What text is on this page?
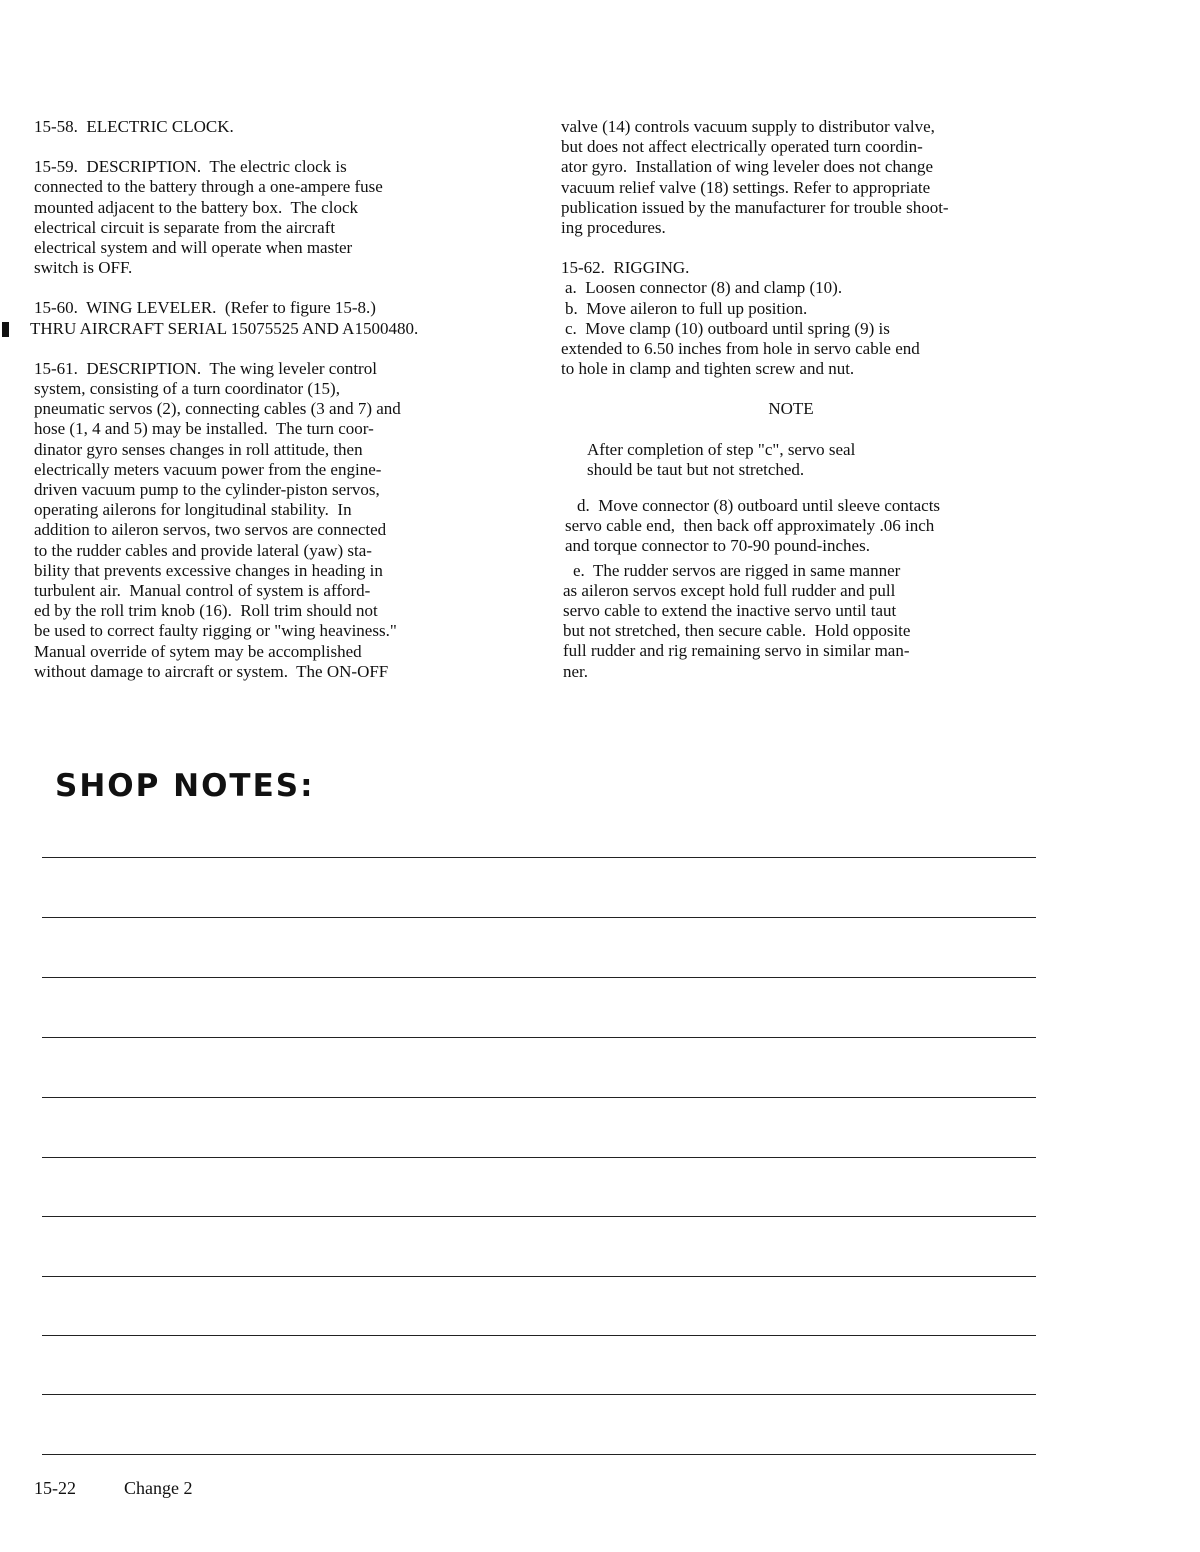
15-58.  ELECTRIC CLOCK.
15-59.  DESCRIPTION.  The electric clock is
connected to the battery through a one-ampere fuse
mounted adjacent to the battery box.  The clock
electrical circuit is separate from the aircraft
electrical system and will operate when master
switch is OFF.
15-60.  WING LEVELER.  (Refer to figure 15-8.)
THRU AIRCRAFT SERIAL 15075525 AND A1500480.
15-61.  DESCRIPTION.  The wing leveler control
system, consisting of a turn coordinator (15),
pneumatic servos (2), connecting cables (3 and 7) and
hose (1, 4 and 5) may be installed.  The turn coor-
dinator gyro senses changes in roll attitude, then
electrically meters vacuum power from the engine-
driven vacuum pump to the cylinder-piston servos,
operating ailerons for longitudinal stability.  In
addition to aileron servos, two servos are connected
to the rudder cables and provide lateral (yaw) sta-
bility that prevents excessive changes in heading in
turbulent air.  Manual control of system is afford-
ed by the roll trim knob (16).  Roll trim should not
be used to correct faulty rigging or "wing heaviness."
Manual override of sytem may be accomplished
without damage to aircraft or system.  The ON-OFF
valve (14) controls vacuum supply to distributor valve,
but does not affect electrically operated turn coordin-
ator gyro.  Installation of wing leveler does not change
vacuum relief valve (18) settings. Refer to appropriate
publication issued by the manufacturer for trouble shoot-
ing procedures.
15-62.  RIGGING.
a.  Loosen connector (8) and clamp (10).
b.  Move aileron to full up position.
c.  Move clamp (10) outboard until spring (9) is
extended to 6.50 inches from hole in servo cable end
to hole in clamp and tighten screw and nut.
NOTE
After completion of step "c", servo seal
should be taut but not stretched.
d.  Move connector (8) outboard until sleeve contacts
servo cable end,  then back off approximately .06 inch
and torque connector to 70-90 pound-inches.
e.  The rudder servos are rigged in same manner
as aileron servos except hold full rudder and pull
servo cable to extend the inactive servo until taut
but not stretched, then secure cable.  Hold opposite
full rudder and rig remaining servo in similar man-
ner.
SHOP NOTES:
15-22	Change 2
